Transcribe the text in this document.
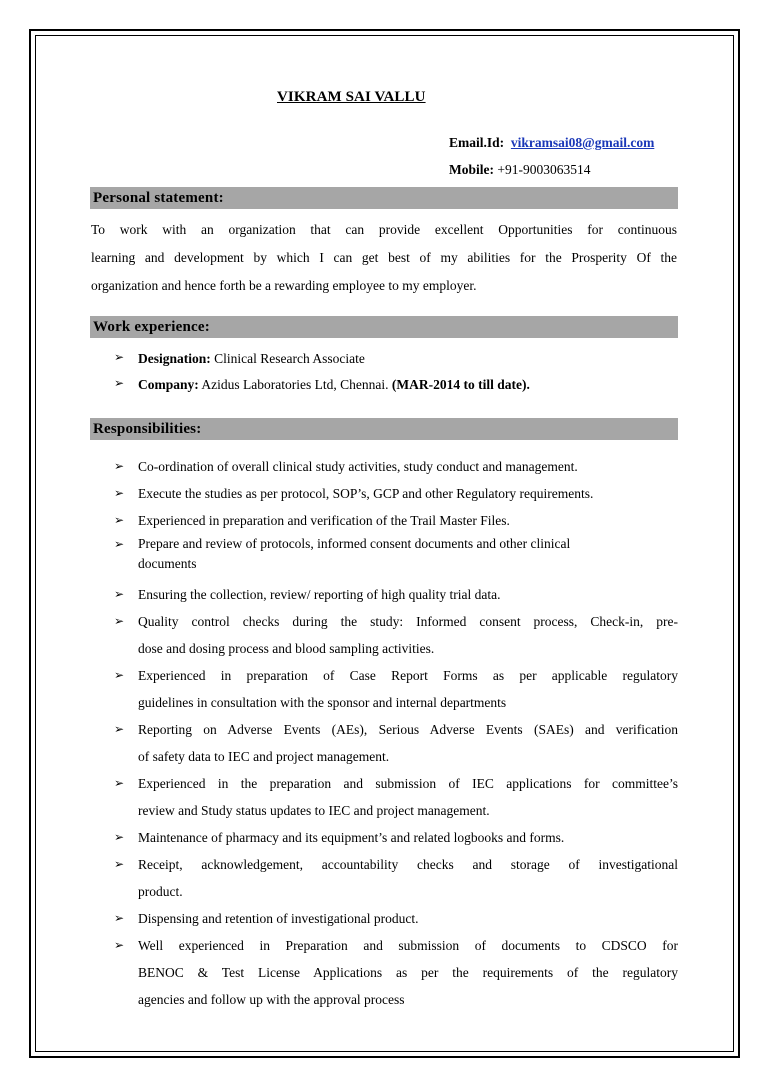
VIKRAM SAI VALLU
Email.Id: vikramsai08@gmail.com
Mobile: +91-9003063514
Personal statement:
To work with an organization that can provide excellent Opportunities for continuous
learning and development by which I can get best of my abilities for the Prosperity Of the
organization and hence forth be a rewarding employee to my employer.
Work experience:
➢ Designation: Clinical Research Associate
➢ Company: Azidus Laboratories Ltd, Chennai. (MAR-2014 to till date).
Responsibilities:
➢ Co-ordination of overall clinical study activities, study conduct and management.
➢ Execute the studies as per protocol, SOP’s, GCP and other Regulatory requirements.
➢ Experienced in preparation and verification of the Trail Master Files.
➢ Prepare and review of protocols, informed consent documents and other clinical
documents
➢ Ensuring the collection, review/ reporting of high quality trial data.
➢ Quality control checks during the study: Informed consent process, Check-in, pre-
dose and dosing process and blood sampling activities.
➢ Experienced in preparation of Case Report Forms as per applicable regulatory
guidelines in consultation with the sponsor and internal departments
➢ Reporting on Adverse Events (AEs), Serious Adverse Events (SAEs) and verification
of safety data to IEC and project management.
➢ Experienced in the preparation and submission of IEC applications for committee’s
review and Study status updates to IEC and project management.
➢ Maintenance of pharmacy and its equipment’s and related logbooks and forms.
➢ Receipt, acknowledgement, accountability checks and storage of investigational
product.
➢ Dispensing and retention of investigational product.
➢ Well experienced in Preparation and submission of documents to CDSCO for
BENOC & Test License Applications as per the requirements of the regulatory
agencies and follow up with the approval process
